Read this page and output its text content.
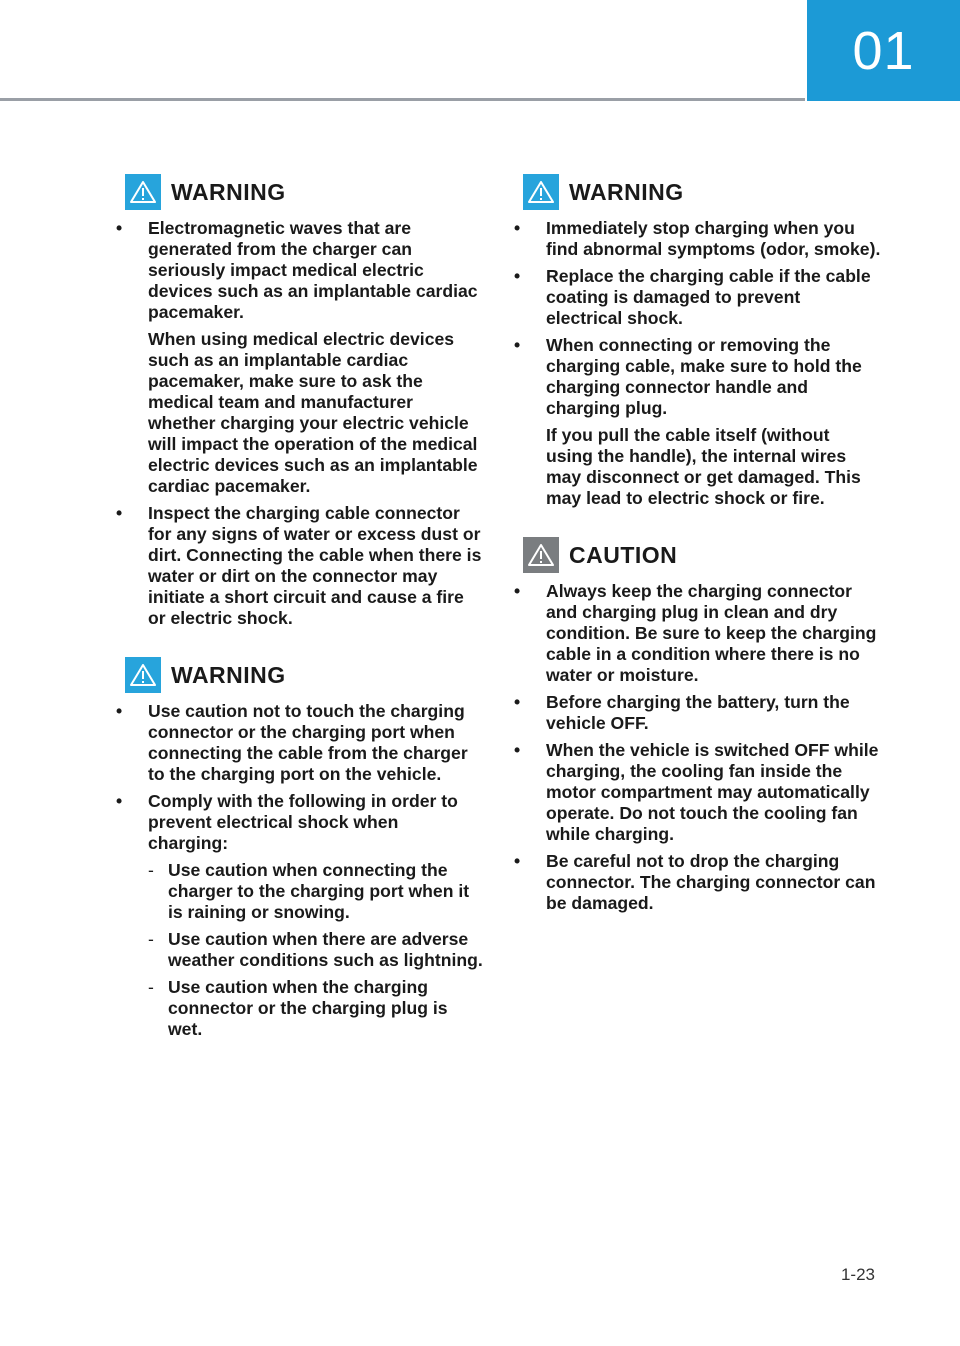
01
WARNING
• Electromagnetic waves that are generated from the charger can seriously impact medical electric devices such as an implantable cardiac pacemaker.
When using medical electric devices such as an implantable cardiac pacemaker, make sure to ask the medical team and manufacturer whether charging your electric vehicle will impact the operation of the medical electric devices such as an implantable cardiac pacemaker.
• Inspect the charging cable connector for any signs of water or excess dust or dirt. Connecting the cable when there is water or dirt on the connector may initiate a short circuit and cause a fire or electric shock.
WARNING
• Use caution not to touch the charging connector or the charging port when connecting the cable from the charger to the charging port on the vehicle.
• Comply with the following in order to prevent electrical shock when charging:
- Use caution when connecting the charger to the charging port when it is raining or snowing.
- Use caution when there are adverse weather conditions such as lightning.
- Use caution when the charging connector or the charging plug is wet.
WARNING
• Immediately stop charging when you find abnormal symptoms (odor, smoke).
• Replace the charging cable if the cable coating is damaged to prevent electrical shock.
• When connecting or removing the charging cable, make sure to hold the charging connector handle and charging plug.
If you pull the cable itself (without using the handle), the internal wires may disconnect or get damaged. This may lead to electric shock or fire.
CAUTION
• Always keep the charging connector and charging plug in clean and dry condition. Be sure to keep the charging cable in a condition where there is no water or moisture.
• Before charging the battery, turn the vehicle OFF.
• When the vehicle is switched OFF while charging, the cooling fan inside the motor compartment may automatically operate. Do not touch the cooling fan while charging.
• Be careful not to drop the charging connector. The charging connector can be damaged.
1-23
